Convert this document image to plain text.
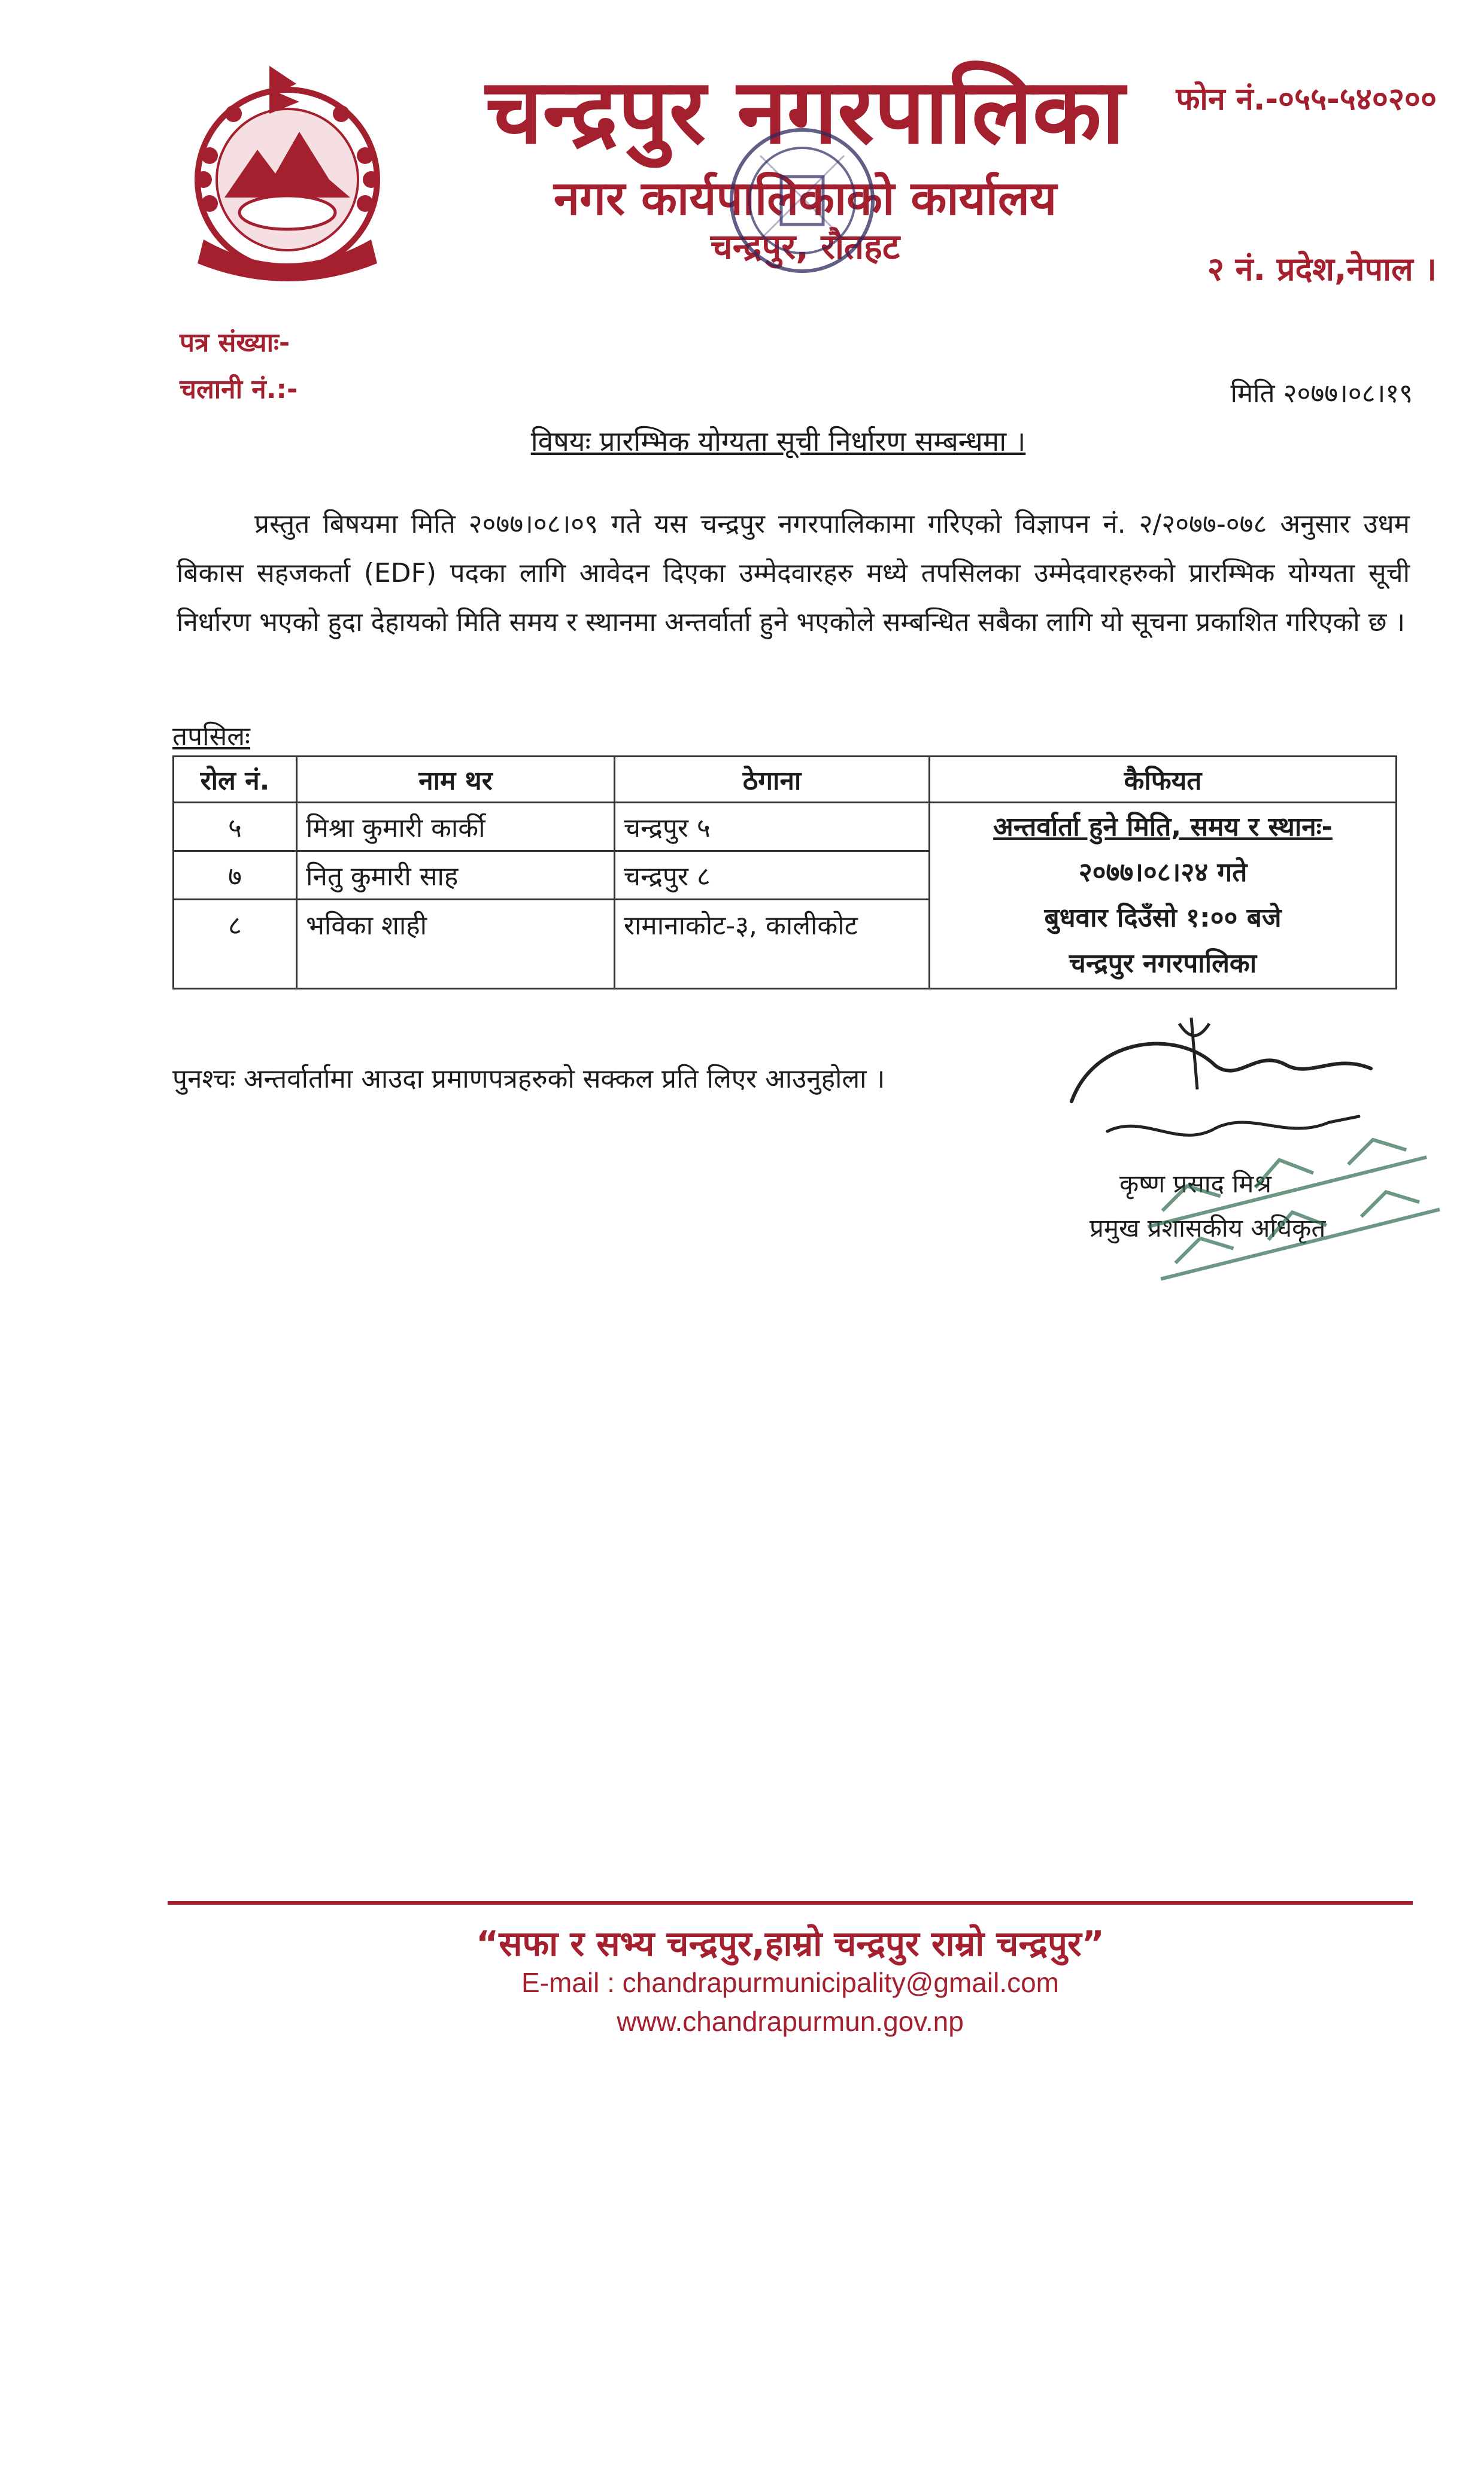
चन्द्रपुर नगरपालिका
नगर कार्यपालिकाको कार्यालय
चन्द्रपुर, रौतहट
फोन नं.-०५५-५४०२००
२ नं. प्रदेश,नेपाल ।
पत्र संख्याः-
चलानी नं.:-	मिति २०७७।०८।१९
विषयः प्रारम्भिक योग्यता सूची निर्धारण सम्बन्धमा ।
प्रस्तुत बिषयमा मिति २०७७।०८।०९ गते यस चन्द्रपुर नगरपालिकामा गरिएको विज्ञापन नं. २/२०७७-०७८ अनुसार उधम बिकास सहजकर्ता (EDF) पदका लागि आवेदन दिएका उम्मेदवारहरु मध्ये तपसिलका उम्मेदवारहरुको प्रारम्भिक योग्यता सूची निर्धारण भएको हुदा देहायको मिति समय र स्थानमा अन्तर्वार्ता हुने भएकोले सम्बन्धित सबैका लागि यो सूचना प्रकाशित गरिएको छ ।
तपसिलः
रोल नं.	नाम थर	ठेगाना	कैफियत
५	मिश्रा कुमारी कार्की	चन्द्रपुर ५	अन्तर्वार्ता हुने मिति, समय र स्थानः-
२०७७।०८।२४ गते
बुधवार दिउँसो १:०० बजे
चन्द्रपुर नगरपालिका

७	नितु कुमारी साह	चन्द्रपुर ८	
८	भविका शाही	रामानाकोट-३, कालीकोट	
पुनश्चः अन्तर्वार्तामा आउदा प्रमाणपत्रहरुको सक्कल प्रति लिएर आउनुहोला ।
कृष्ण प्रसाद मिश्र
प्रमुख प्रशासकीय अधिकृत
“सफा र सभ्य चन्द्रपुर,हाम्रो चन्द्रपुर राम्रो चन्द्रपुर”
E-mail : chandrapurmunicipality@gmail.com
www.chandrapurmun.gov.np
